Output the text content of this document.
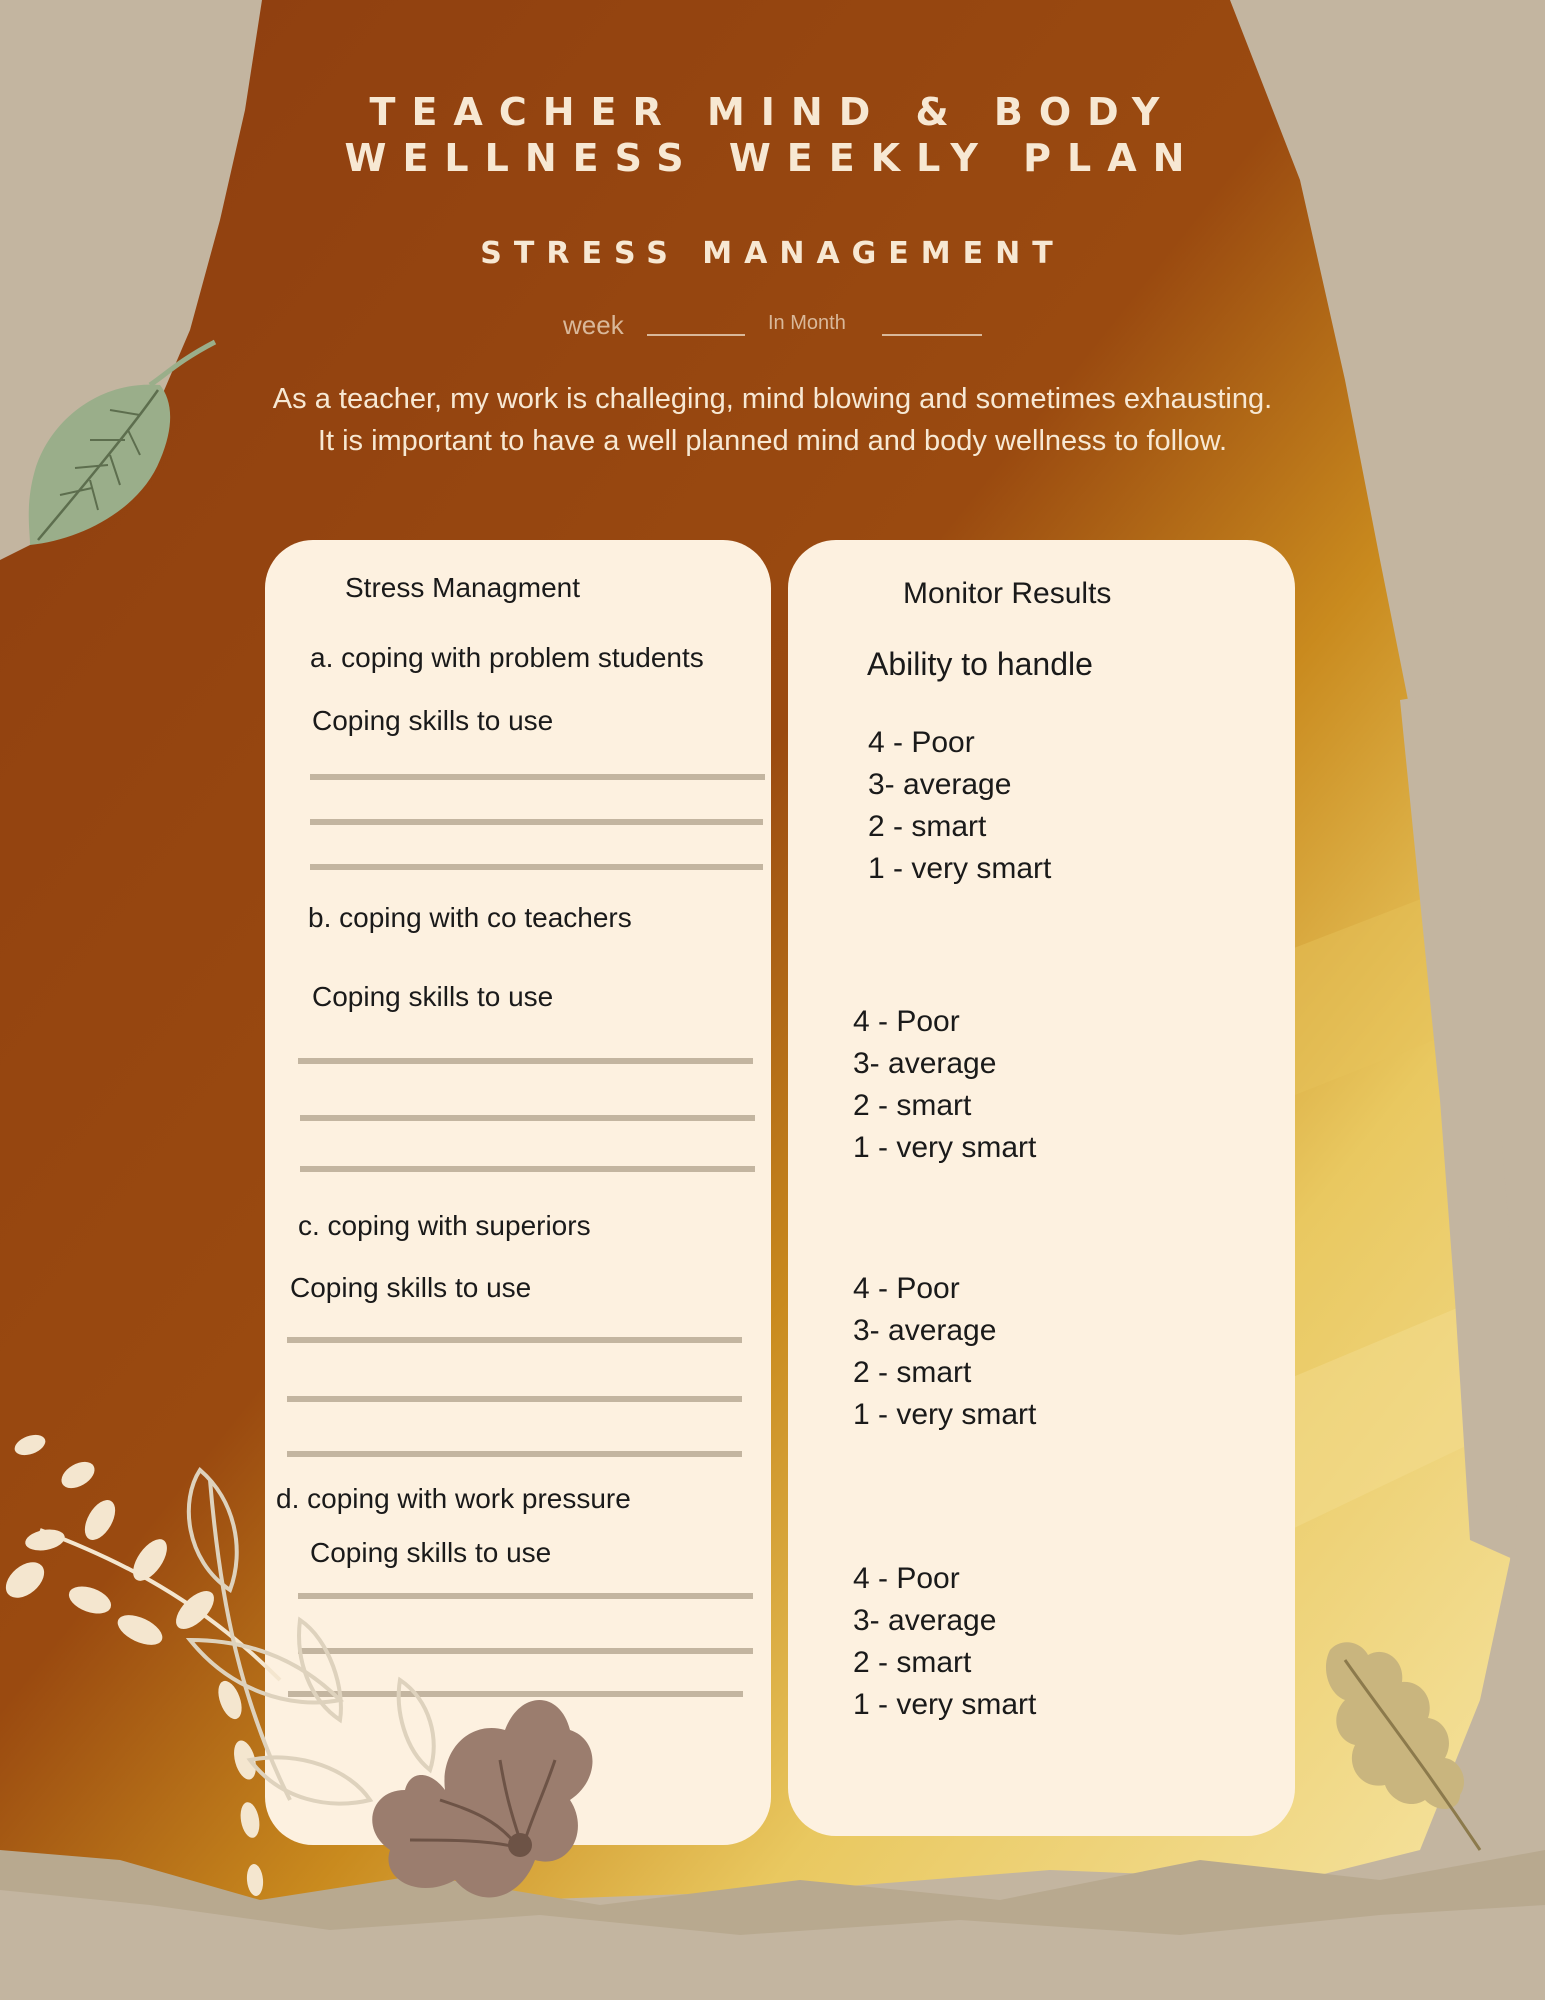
TEACHER MIND & BODY
WELLNESS WEEKLY PLAN
STRESS MANAGEMENT
week	In Month
As a teacher, my work is challeging, mind blowing and sometimes exhausting.
It is important to have a well planned mind and body wellness to follow.
Stress Managment
a. coping with problem students
Coping skills to use
b. coping with co teachers
Coping skills to use
c. coping with superiors
Coping skills to use
d. coping with work pressure
Coping skills to use
Monitor Results
Ability to handle
4 - Poor
3- average
2 - smart
1 - very smart
4 - Poor
3- average
2 - smart
1 - very smart
4 - Poor
3- average
2 - smart
1 - very smart
4 - Poor
3- average
2 - smart
1 - very smart
